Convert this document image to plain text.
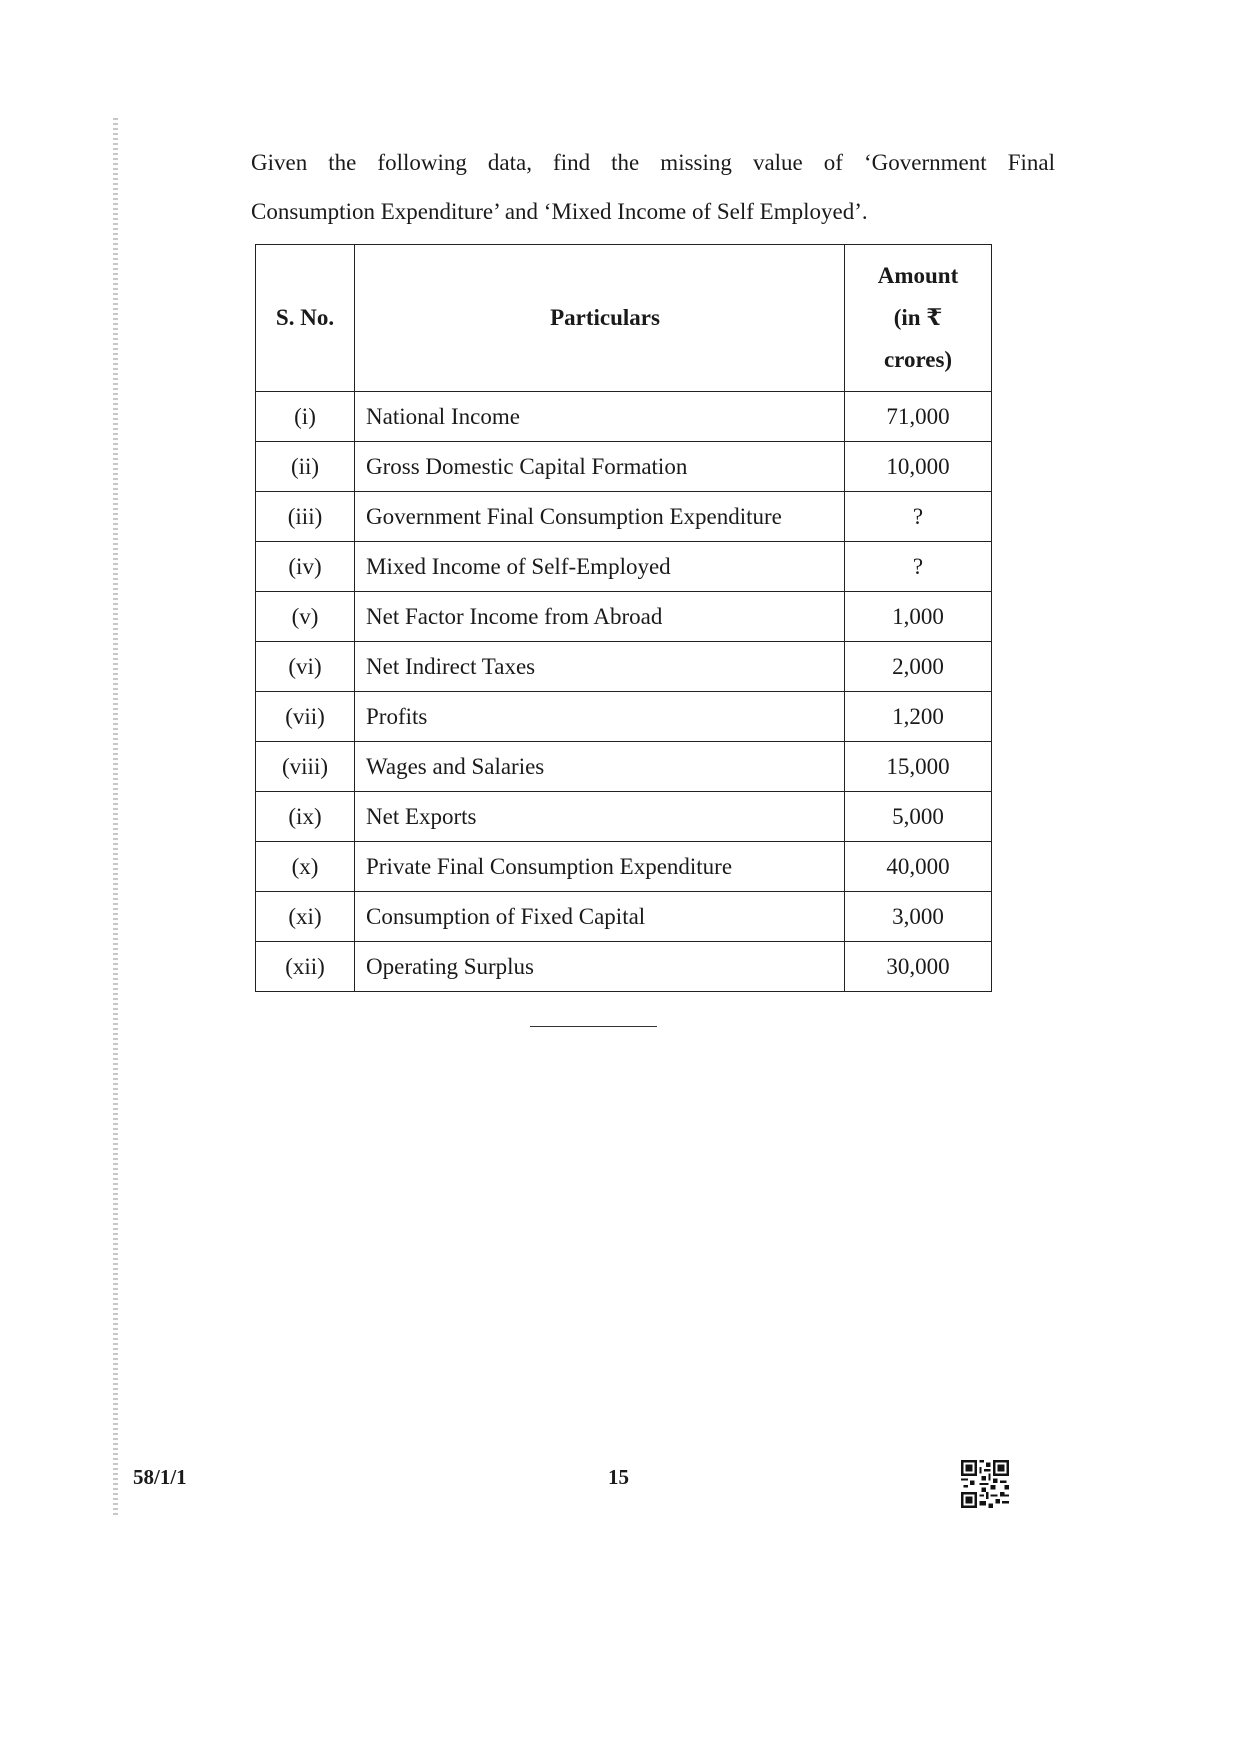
Given the following data, find the missing value of ‘Government Final

Consumption Expenditure’ and ‘Mixed Income of Self Employed’.

S. No.	Particulars	Amount
(in ₹
crores)
(i)	National Income	71,000
(ii)	Gross Domestic Capital Formation	10,000
(iii)	Government Final Consumption Expenditure	?
(iv)	Mixed Income of Self-Employed	?
(v)	Net Factor Income from Abroad	1,000
(vi)	Net Indirect Taxes	2,000
(vii)	Profits	1,200
(viii)	Wages and Salaries	15,000
(ix)	Net Exports	5,000
(x)	Private Final Consumption Expenditure	40,000
(xi)	Consumption of Fixed Capital	3,000
(xii)	Operating Surplus	30,000
58/1/1	15
